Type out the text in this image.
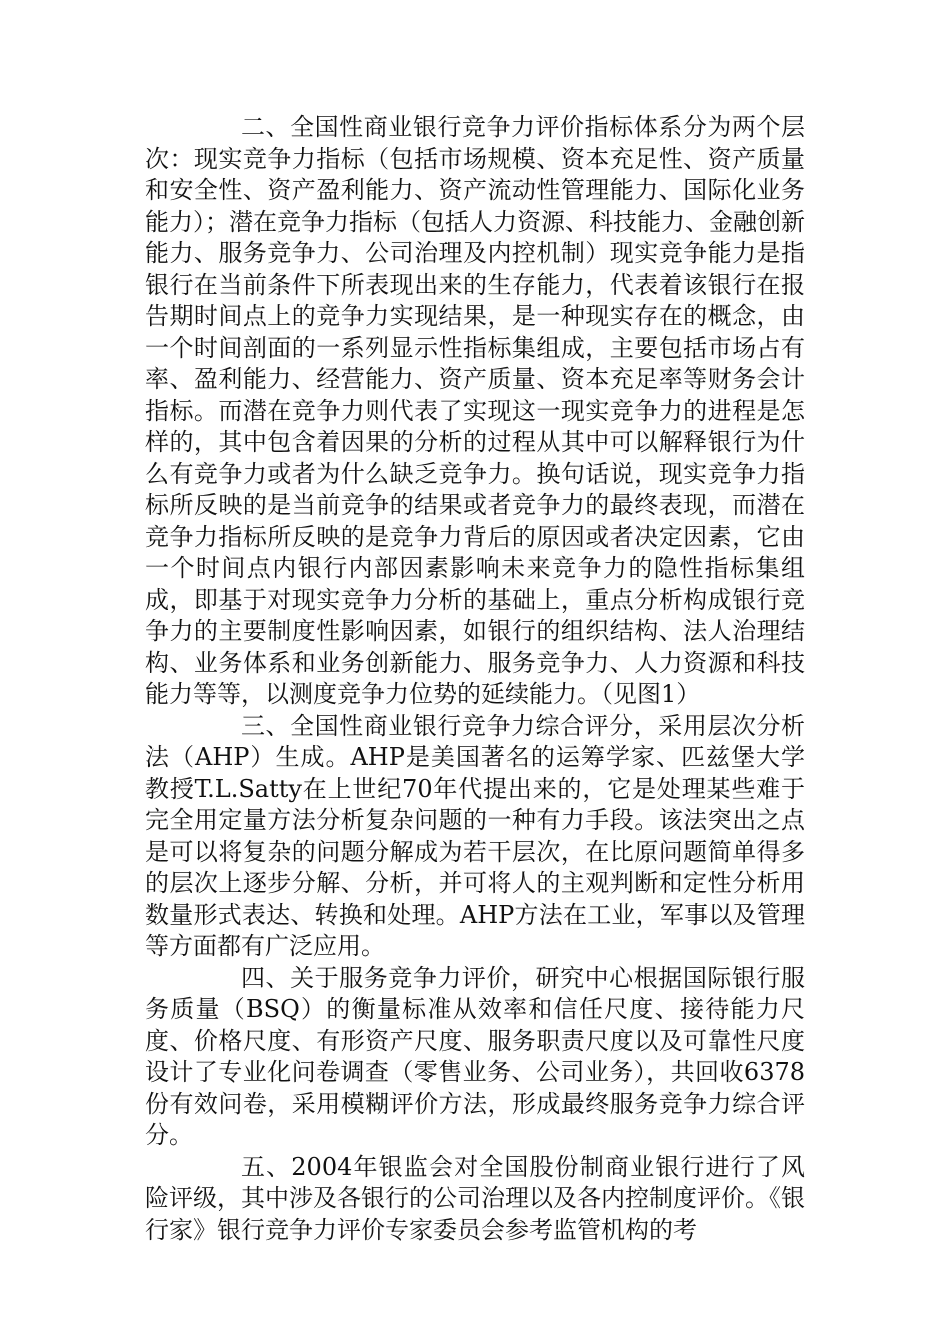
二、全国性商业银行竞争力评价指标体系分为两个层次：现实竞争力指标（包括市场规模、资本充足性、资产质量和安全性、资产盈利能力、资产流动性管理能力、国际化业务能力）；潜在竞争力指标（包括人力资源、科技能力、金融创新能力、服务竞争力、公司治理及内控机制）现实竞争能力是指银行在当前条件下所表现出来的生存能力，代表着该银行在报告期时间点上的竞争力实现结果，是一种现实存在的概念，由一个时间剖面的一系列显示性指标集组成，主要包括市场占有率、盈利能力、经营能力、资产质量、资本充足率等财务会计指标。而潜在竞争力则代表了实现这一现实竞争力的进程是怎样的，其中包含着因果的分析的过程从其中可以解释银行为什么有竞争力或者为什么缺乏竞争力。换句话说，现实竞争力指标所反映的是当前竞争的结果或者竞争力的最终表现，而潜在竞争力指标所反映的是竞争力背后的原因或者决定因素，它由一个时间点内银行内部因素影响未来竞争力的隐性指标集组成，即基于对现实竞争力分析的基础上，重点分析构成银行竞争力的主要制度性影响因素，如银行的组织结构、法人治理结构、业务体系和业务创新能力、服务竞争力、人力资源和科技能力等等，以测度竞争力位势的延续能力。（见图1）

三、全国性商业银行竞争力综合评分，采用层次分析法（AHP）生成。AHP是美国著名的运筹学家、匹兹堡大学教授T.L.Satty在上世纪70年代提出来的，它是处理某些难于完全用定量方法分析复杂问题的一种有力手段。该法突出之点是可以将复杂的问题分解成为若干层次，在比原问题简单得多的层次上逐步分解、分析，并可将人的主观判断和定性分析用数量形式表达、转换和处理。AHP方法在工业，军事以及管理等方面都有广泛应用。

四、关于服务竞争力评价，研究中心根据国际银行服务质量（BSQ）的衡量标准从效率和信任尺度、接待能力尺度、价格尺度、有形资产尺度、服务职责尺度以及可靠性尺度设计了专业化问卷调查（零售业务、公司业务），共回收6378份有效问卷，采用模糊评价方法，形成最终服务竞争力综合评分。

五、2004年银监会对全国股份制商业银行进行了风险评级，其中涉及各银行的公司治理以及各内控制度评价。《银行家》银行竞争力评价专家委员会参考监管机构的考
